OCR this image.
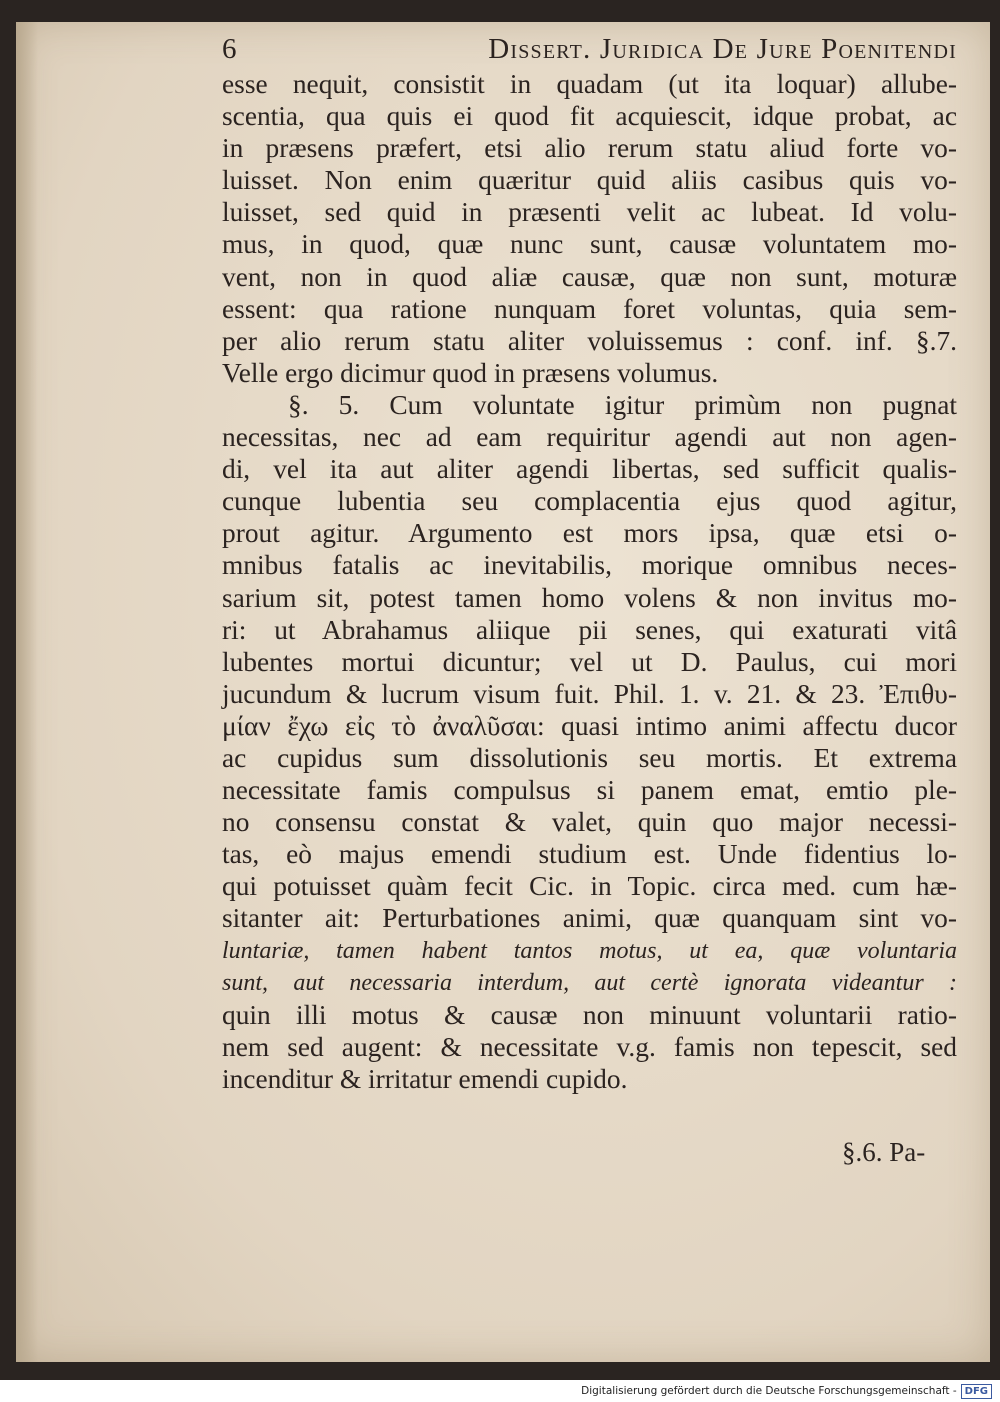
6	Dissert. Juridica De Jure Poenitendi
esse nequit, consistit in quadam (ut ita loquar) allube-
scentia, qua quis ei quod fit acquiescit, idque probat, ac
in præsens præfert, etsi alio rerum statu aliud forte vo-
luisset. Non enim quæritur quid aliis casibus quis vo-
luisset, sed quid in præsenti velit ac lubeat. Id volu-
mus, in quod, quæ nunc sunt, causæ voluntatem mo-
vent, non in quod aliæ causæ, quæ non sunt, moturæ
essent: qua ratione nunquam foret voluntas, quia sem-
per alio rerum statu aliter voluissemus : conf. inf. §.7.
Velle ergo dicimur quod in præsens volumus.
§. 5. Cum voluntate igitur primùm non pugnat
necessitas, nec ad eam requiritur agendi aut non agen-
di, vel ita aut aliter agendi libertas, sed sufficit qualis-
cunque lubentia seu complacentia ejus quod agitur,
prout agitur. Argumento est mors ipsa, quæ etsi o-
mnibus fatalis ac inevitabilis, morique omnibus neces-
sarium sit, potest tamen homo volens & non invitus mo-
ri: ut Abrahamus aliique pii senes, qui exaturati vitâ
lubentes mortui dicuntur; vel ut D. Paulus, cui mori
jucundum & lucrum visum fuit. Phil. 1. v. 21. & 23. Ἐπιθυ-
μίαν ἔχω εἰς τὸ ἀναλῦσαι: quasi intimo animi affectu ducor
ac cupidus sum dissolutionis seu mortis. Et extrema
necessitate famis compulsus si panem emat, emtio ple-
no consensu constat & valet, quin quo major necessi-
tas, eò majus emendi studium est. Unde fidentius lo-
qui potuisset quàm fecit Cic. in Topic. circa med. cum hæ-
sitanter ait: Perturbationes animi, quæ quanquam sint vo-
luntariæ, tamen habent tantos motus, ut ea, quæ voluntaria
sunt, aut necessaria interdum, aut certè ignorata videantur :
quin illi motus & causæ non minuunt voluntarii ratio-
nem sed augent: & necessitate v.g. famis non tepescit, sed
incenditur & irritatur emendi cupido.
§.6. Pa-
Digitalisierung gefördert durch die Deutsche Forschungsgemeinschaft - DFG
